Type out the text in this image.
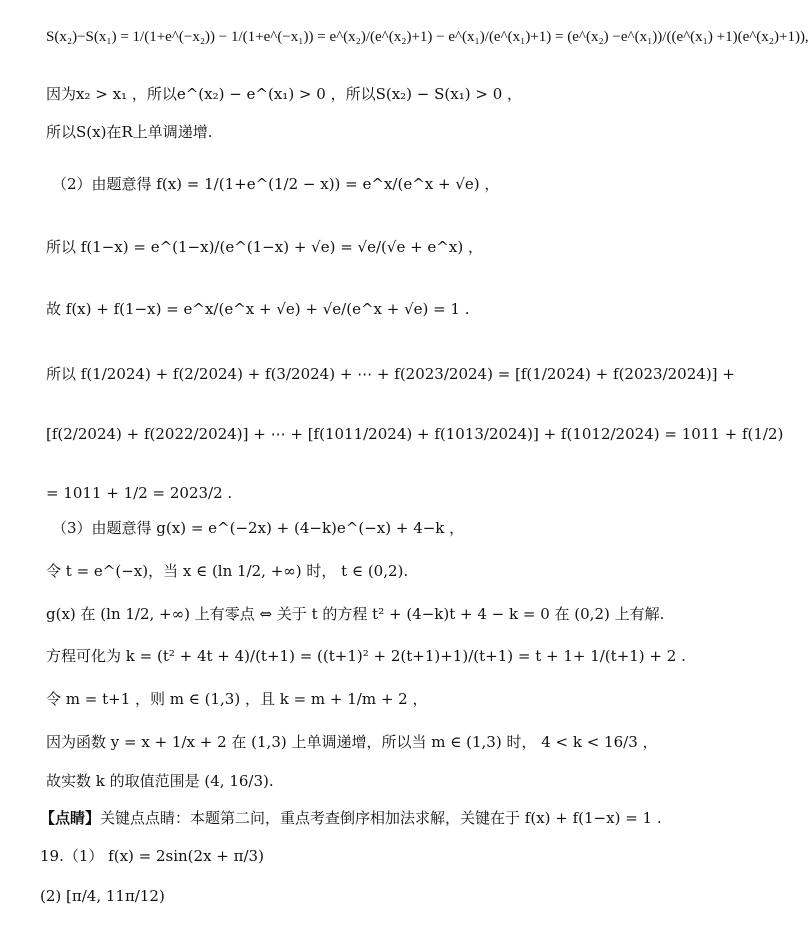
S(x₂)−S(x₁) = 1/(1+e^(−x₂)) − 1/(1+e^(−x₁)) = e^(x₂)/(e^(x₂)+1) − e^(x₁)/(e^(x₁)+1) = (e^(x₂) −e^(x₁))/((e^(x₁) +1)(e^(x₂)+1)),
因为x₂ > x₁ ，所以e^(x₂) − e^(x₁) > 0 ，所以S(x₂) − S(x₁) > 0 ，
所以S(x)在R上单调递增.
（2）由题意得 f(x) = 1/(1+e^(1/2 − x)) = e^x/(e^x + √e) ，
所以 f(1−x) = e^(1−x)/(e^(1−x) + √e) = √e/(√e + e^x) ，
故 f(x) + f(1−x) = e^x/(e^x + √e) + √e/(e^x + √e) = 1 .
所以 f(1/2024) + f(2/2024) + f(3/2024) + ⋯ + f(2023/2024) = [f(1/2024) + f(2023/2024)] +
[f(2/2024) + f(2022/2024)] + ⋯ + [f(1011/2024) + f(1013/2024)] + f(1012/2024) = 1011 + f(1/2)
= 1011 + 1/2 = 2023/2 .
（3）由题意得 g(x) = e^(−2x) + (4−k)e^(−x) + 4−k ，
令 t = e^(−x)，当 x ∈ (ln 1/2, +∞) 时， t ∈ (0,2).
g(x) 在 (ln 1/2, +∞) 上有零点 ⇔ 关于 t 的方程 t² + (4−k)t + 4 − k = 0 在 (0,2) 上有解.
方程可化为 k = (t² + 4t + 4)/(t+1) = ((t+1)² + 2(t+1)+1)/(t+1) = t + 1+ 1/(t+1) + 2 .
令 m = t+1 ，则 m ∈ (1,3) ，且 k = m + 1/m + 2 ，
因为函数 y = x + 1/x + 2 在 (1,3) 上单调递增，所以当 m ∈ (1,3) 时， 4 < k < 16/3 ，
故实数 k 的取值范围是 (4, 16/3).
【点睛】关键点点睛：本题第二问，重点考查倒序相加法求解，关键在于 f(x) + f(1−x) = 1 .
19.（1） f(x) = 2sin(2x + π/3)
(2) [π/4, 11π/12)
